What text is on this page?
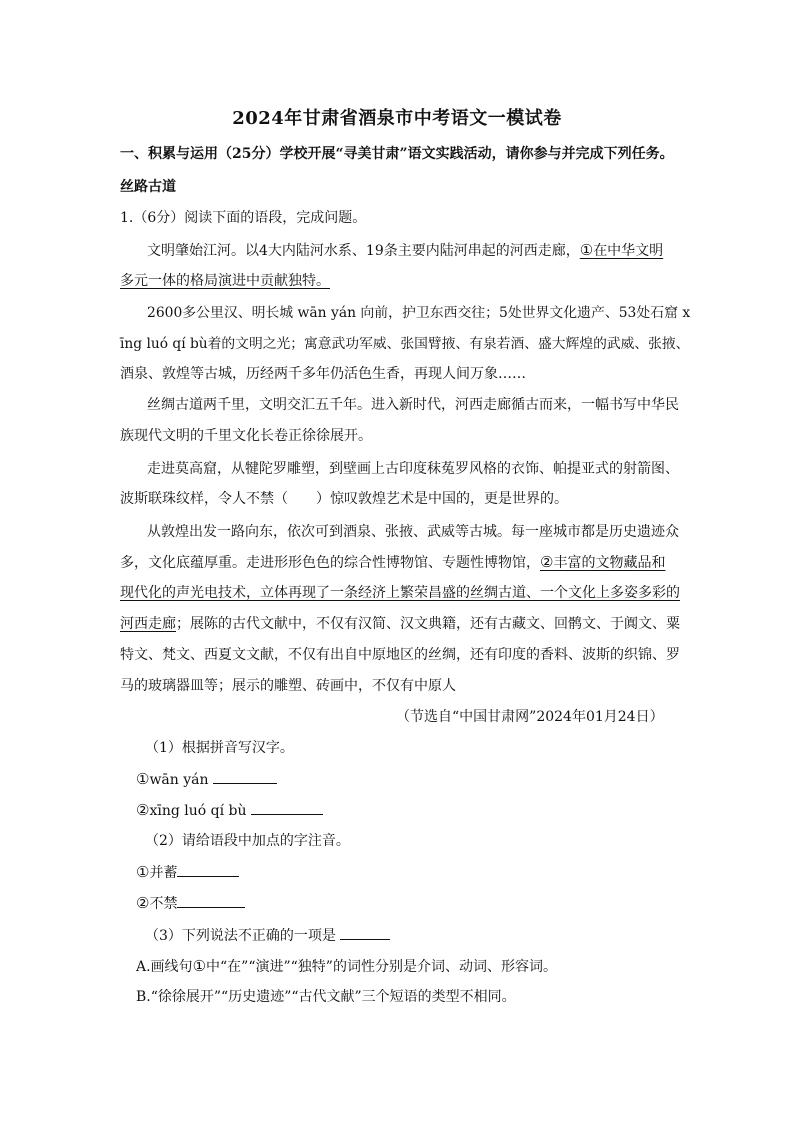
2024年甘肃省酒泉市中考语文一模试卷
一、积累与运用（25分）学校开展“寻美甘肃”语文实践活动，请你参与并完成下列任务。
丝路古道
1.（6分）阅读下面的语段，完成问题。
文明肇始江河。以4大内陆河水系、19条主要内陆河串起的河西走廊，①在中华文明
多元一体的格局演进中贡献独特。
2600多公里汉、明长城 wān yán 向前，护卫东西交往；5处世界文化遗产、53处石窟 x
īng luó qí bù着的文明之光；寓意武功军威、张国臂掖、有泉若酒、盛大辉煌的武威、张掖、
酒泉、敦煌等古城，历经两千多年仍活色生香，再现人间万象……
丝绸古道两千里，文明交汇五千年。进入新时代，河西走廊循古而来，一幅书写中华民
族现代文明的千里文化长卷正徐徐展开。
走进莫高窟，从犍陀罗雕塑，到壁画上古印度秣菟罗风格的衣饰、帕提亚式的射箭图、
波斯联珠纹样，令人不禁（　　）惊叹敦煌艺术是中国的，更是世界的。
从敦煌出发一路向东，依次可到酒泉、张掖、武威等古城。每一座城市都是历史遗迹众
多，文化底蕴厚重。走进形形色色的综合性博物馆、专题性博物馆，②丰富的文物藏品和
现代化的声光电技术，立体再现了一条经济上繁荣昌盛的丝绸古道、一个文化上多姿多彩的
河西走廊；展陈的古代文献中，不仅有汉简、汉文典籍，还有古藏文、回鹘文、于阗文、粟
特文、梵文、西夏文文献，不仅有出自中原地区的丝绸，还有印度的香料、波斯的织锦、罗
马的玻璃器皿等；展示的雕塑、砖画中，不仅有中原人
（节选自“中国甘肃网”2024年01月24日）
（1）根据拼音写汉字。
①wān yán
②xīng luó qí bù
（2）请给语段中加点的字注音。
①并蓄
②不禁
（3）下列说法不正确的一项是
A.画线句①中“在”“演进”“独特”的词性分别是介词、动词、形容词。
B.“徐徐展开”“历史遗迹”“古代文献”三个短语的类型不相同。
